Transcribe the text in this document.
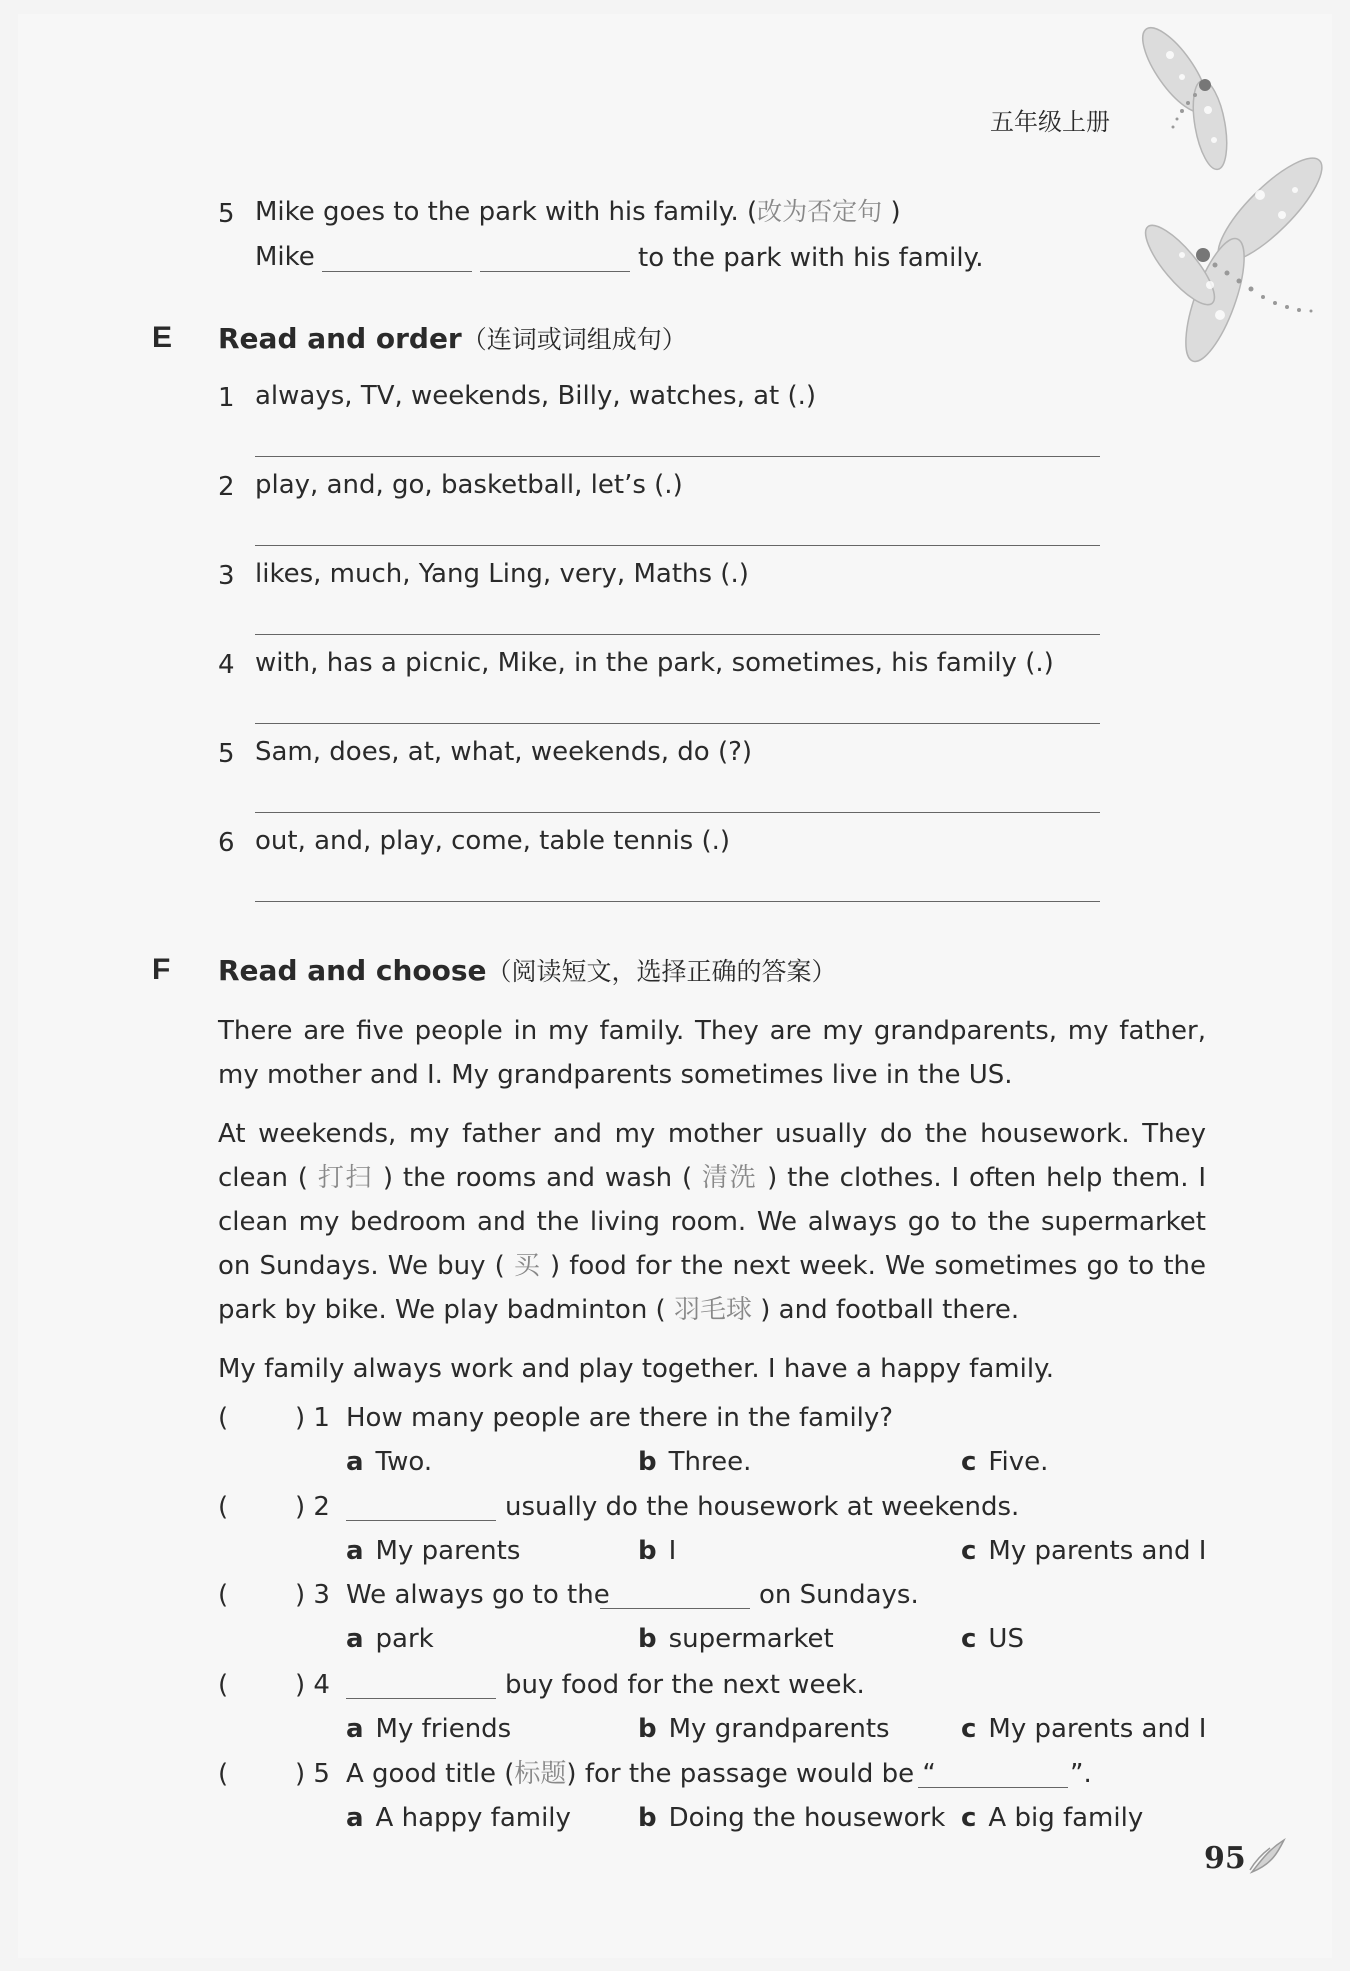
五年级上册
5 Mike goes to the park with his family. (改为否定句 )
Mike	to the park with his family.
E Read and order（连词或词组成句）
1 always, TV, weekends, Billy, watches, at (.)
2 play, and, go, basketball, let’s (.)
3 likes, much, Yang Ling, very, Maths (.)
4 with, has a picnic, Mike, in the park, sometimes, his family (.)
5 Sam, does, at, what, weekends, do (?)
6 out, and, play, come, table tennis (.)
F Read and choose（阅读短文，选择正确的答案）
There are five people in my family. They are my grandparents, my father, my mother and I. My grandparents sometimes live in the US.
At weekends, my father and my mother usually do the housework. They clean ( 打扫 ) the rooms and wash ( 清洗 ) the clothes. I often help them. I clean my bedroom and the living room. We always go to the supermarket on Sundays. We buy ( 买 ) food for the next week. We sometimes go to the park by bike. We play badminton ( 羽毛球 ) and football there.
My family always work and play together. I have a happy family.
(	) 1 How many people are there in the family?
a Two.	b Three.	c Five.
(	) 2	usually do the housework at weekends.
a My parents	b I	c My parents and I
(	) 3 We always go to the	on Sundays.
a park	b supermarket	c US
(	) 4	buy food for the next week.
a My friends	b My grandparents	c My parents and I
(	) 5 A good title (标题) for the passage would be “	”.
a A happy family	b Doing the housework c A big family
95
